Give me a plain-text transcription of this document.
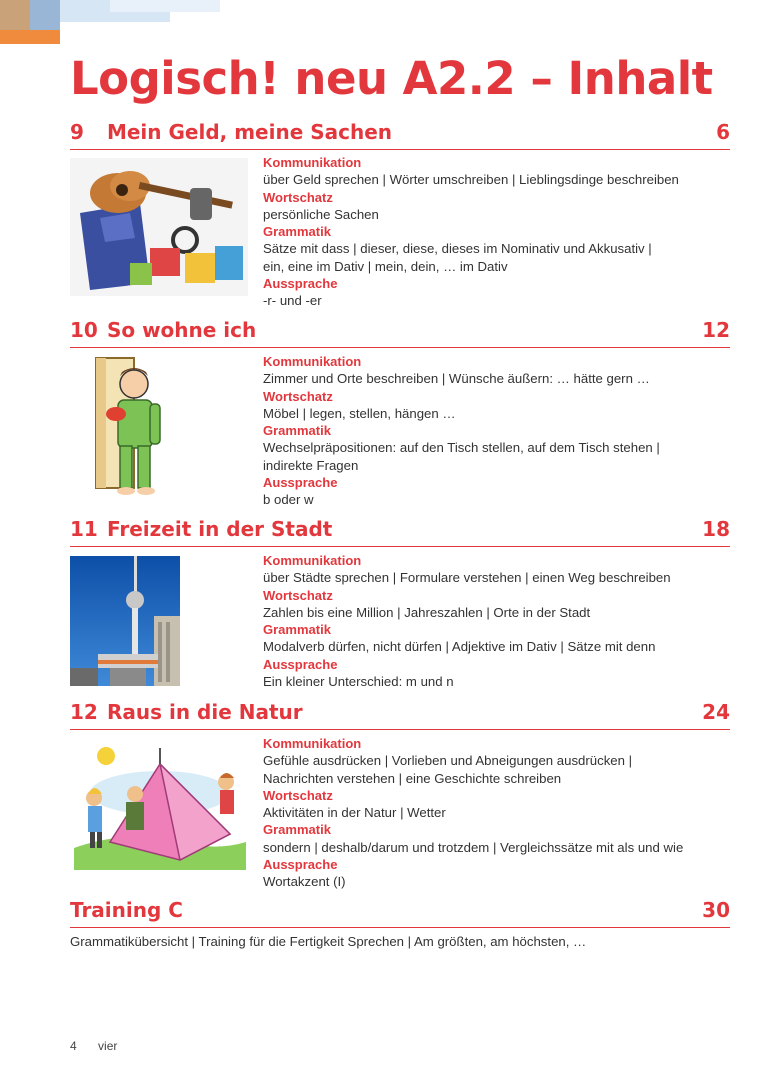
Logisch! neu A2.2 – Inhalt
9 Mein Geld, meine Sachen	6
Kommunikation
über Geld sprechen | Wörter umschreiben | Lieblingsdinge beschreiben
Wortschatz
persönliche Sachen
Grammatik
Sätze mit dass | dieser, diese, dieses im Nominativ und Akkusativ |
ein, eine im Dativ | mein, dein, … im Dativ
Aussprache
-r- und -er
10 So wohne ich	12
Kommunikation
Zimmer und Orte beschreiben | Wünsche äußern: … hätte gern …
Wortschatz
Möbel | legen, stellen, hängen …
Grammatik
Wechselpräpositionen: auf den Tisch stellen, auf dem Tisch stehen |
indirekte Fragen
Aussprache
b oder w
11 Freizeit in der Stadt	18
Kommunikation
über Städte sprechen | Formulare verstehen | einen Weg beschreiben
Wortschatz
Zahlen bis eine Million | Jahreszahlen | Orte in der Stadt
Grammatik
Modalverb dürfen, nicht dürfen | Adjektive im Dativ | Sätze mit denn
Aussprache
Ein kleiner Unterschied: m und n
12 Raus in die Natur	24
Kommunikation
Gefühle ausdrücken | Vorlieben und Abneigungen ausdrücken |
Nachrichten verstehen | eine Geschichte schreiben
Wortschatz
Aktivitäten in der Natur | Wetter
Grammatik
sondern | deshalb/darum und trotzdem | Vergleichssätze mit als und wie
Aussprache
Wortakzent (I)
Training C	30
Grammatikübersicht | Training für die Fertigkeit Sprechen | Am größten, am höchsten, …
4 vier
